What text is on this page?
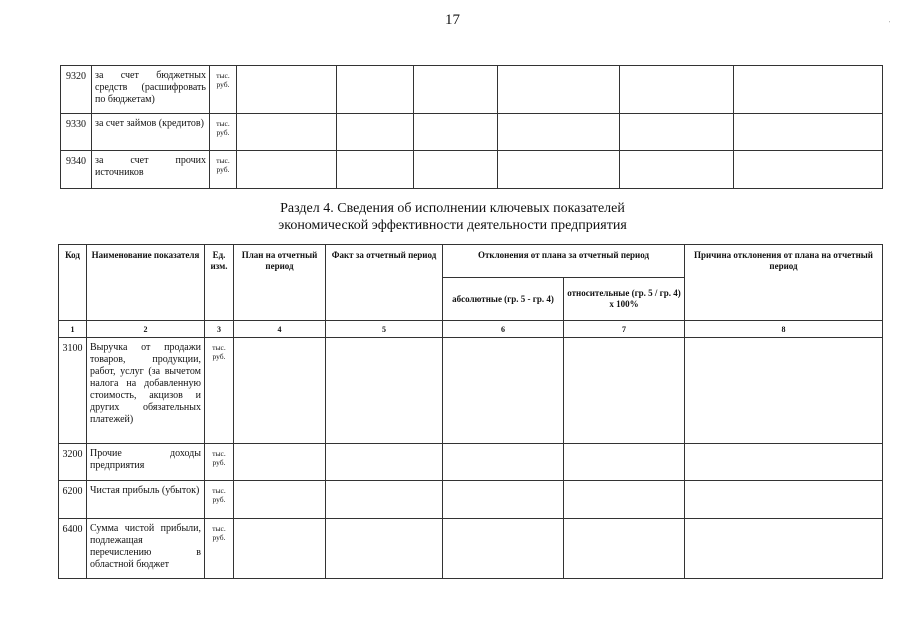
17	'
9320	за счет бюджетных средств (расшифровать по бюджетам)	тыс. руб.						
9330	за счет займов (кредитов)	тыс. руб.						
9340	за счет прочих источников	тыс. руб.						
Раздел 4. Сведения об исполнении ключевых показателей
экономической эффективности деятельности предприятия
Код	Наименование показателя	Ед. изм.	План на отчетный период	Факт за отчетный период	Отклонения от плана за отчетный период		Причина отклонения от плана на отчетный период
					абсолютные (гр. 5 - гр. 4)	относительные (гр. 5 / гр. 4) x 100%	
1	2	3	4	5	6	7	8
3100	Выручка от продажи товаров, продукции, работ, услуг (за вычетом налога на добавленную стоимость, акцизов и других обязательных платежей)	тыс. руб.					
3200	Прочие доходы предприятия	тыс. руб.					
6200	Чистая прибыль (убыток)	тыс. руб.					
6400	Сумма чистой прибыли, подлежащая перечислению в областной бюджет	тыс. руб.					
